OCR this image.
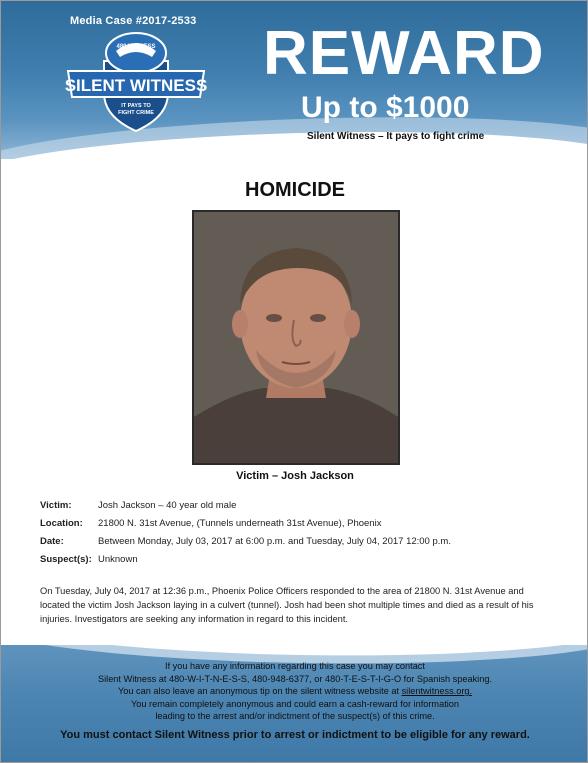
Media Case #2017-2533 REWARD
Up to $1000
Silent Witness – It pays to fight crime
480.WITNESS
SILENT WITNESS
IT PAYS TO
FIGHT CRIME
HOMICIDE
Victim – Josh Jackson
Victim:	Josh Jackson – 40 year old male
Location: 21800 N. 31st Avenue, (Tunnels underneath 31st Avenue), Phoenix
Date:	Between Monday, July 03, 2017 at 6:00 p.m. and Tuesday, July 04, 2017 12:00 p.m.
Suspect(s): Unknown
On Tuesday, July 04, 2017 at 12:36 p.m., Phoenix Police Officers responded to the area of 21800 N. 31st Avenue and located the victim Josh Jackson laying in a culvert (tunnel). Josh had been shot multiple times and died as a result of his injuries. Investigators are seeking any information in regard to this incident.
If you have any information regarding this case you may contact
Silent Witness at 480-W-I-T-N-E-S-S, 480-948-6377, or 480-T-E-S-T-I-G-O for Spanish speaking.
You can also leave an anonymous tip on the silent witness website at silentwitness.org.
You remain completely anonymous and could earn a cash-reward for information
leading to the arrest and/or indictment of the suspect(s) of this crime.
You must contact Silent Witness prior to arrest or indictment to be eligible for any reward.
